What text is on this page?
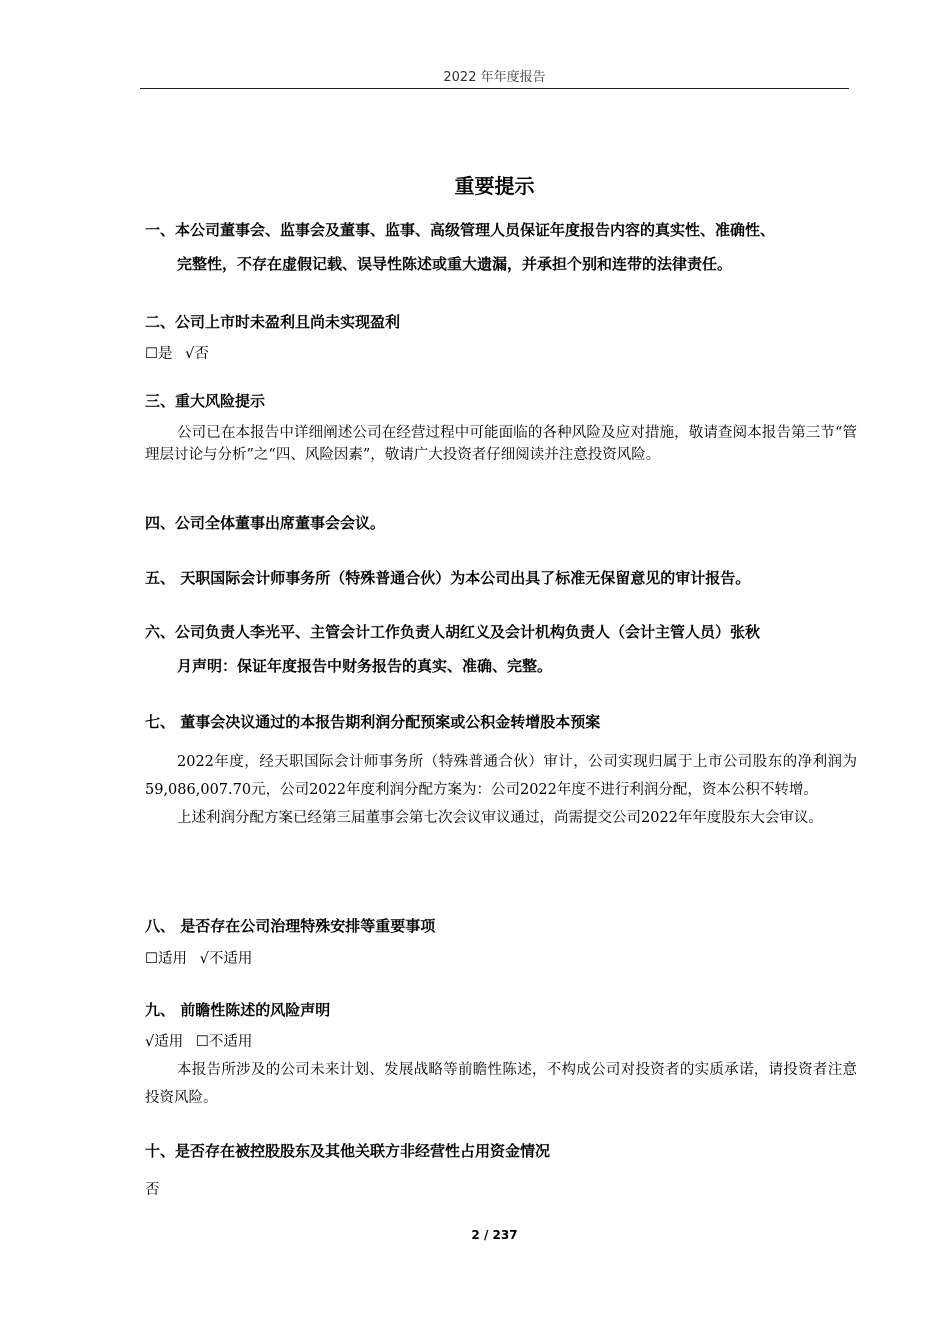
2022 年年度报告
重要提示
一、本公司董事会、监事会及董事、监事、高级管理人员保证年度报告内容的真实性、准确性、
完整性，不存在虚假记载、误导性陈述或重大遗漏，并承担个别和连带的法律责任。
二、公司上市时未盈利且尚未实现盈利
☐是 √否
三、重大风险提示
公司已在本报告中详细阐述公司在经营过程中可能面临的各种风险及应对措施，敬请查阅本报告第三节“管理层讨论与分析”之“四、风险因素”，敬请广大投资者仔细阅读并注意投资风险。
四、公司全体董事出席董事会会议。
五、 天职国际会计师事务所（特殊普通合伙）为本公司出具了标准无保留意见的审计报告。
六、公司负责人李光平、主管会计工作负责人胡红义及会计机构负责人（会计主管人员）张秋
月声明：保证年度报告中财务报告的真实、准确、完整。
七、 董事会决议通过的本报告期利润分配预案或公积金转增股本预案
2022年度，经天职国际会计师事务所（特殊普通合伙）审计，公司实现归属于上市公司股东的净利润为59,086,007.70元，公司2022年度利润分配方案为：公司2022年度不进行利润分配，资本公积不转增。
上述利润分配方案已经第三届董事会第七次会议审议通过，尚需提交公司2022年年度股东大会审议。
八、 是否存在公司治理特殊安排等重要事项
☐适用 √不适用
九、 前瞻性陈述的风险声明
√适用 ☐不适用
本报告所涉及的公司未来计划、发展战略等前瞻性陈述，不构成公司对投资者的实质承诺，请投资者注意投资风险。
十、是否存在被控股股东及其他关联方非经营性占用资金情况
否
2 / 237
